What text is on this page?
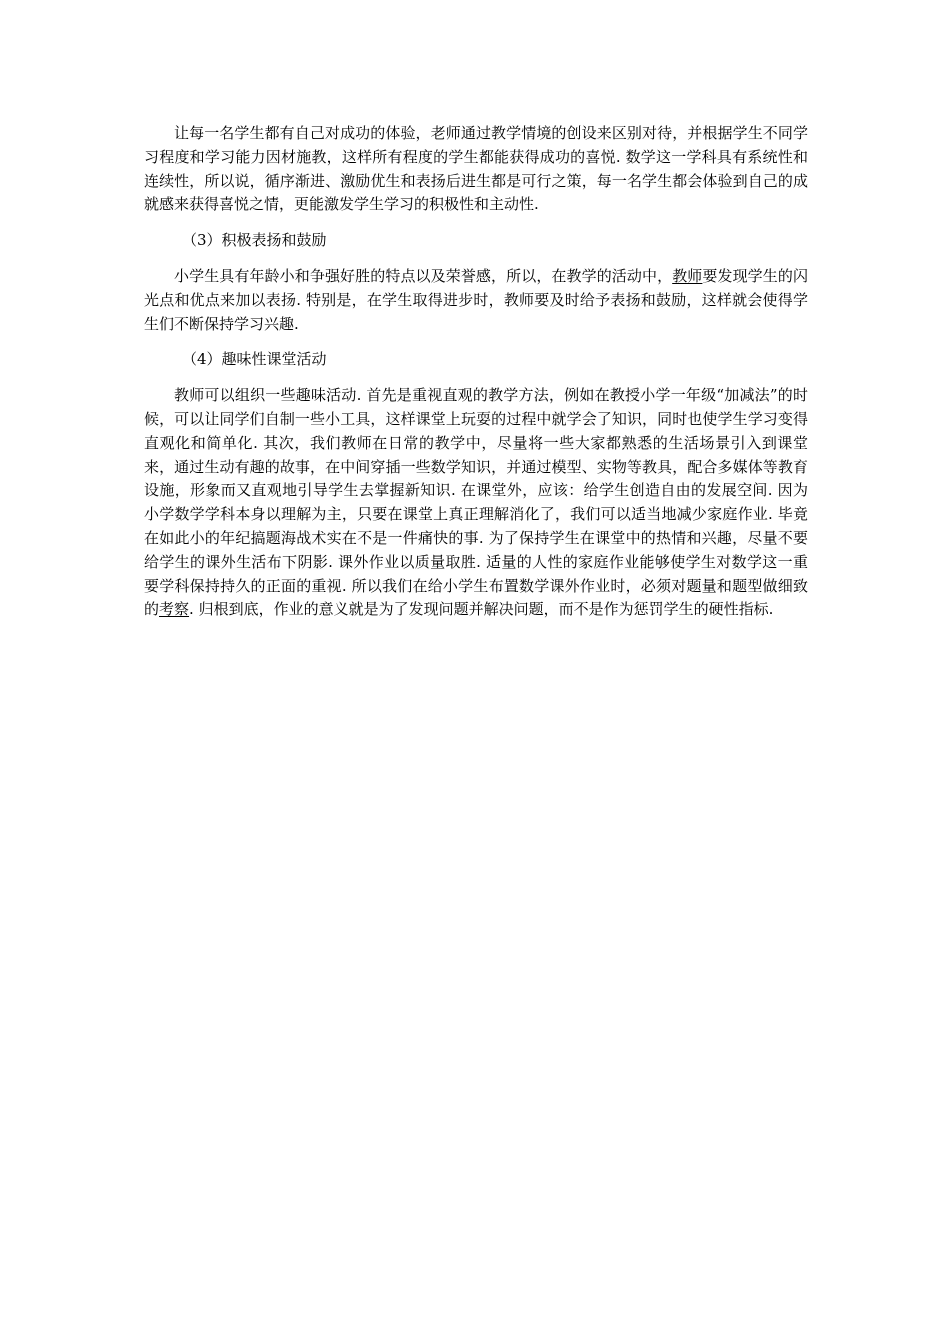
让每一名学生都有自己对成功的体验，老师通过教学情境的创设来区别对待，并根据学生不同学习程度和学习能力因材施教，这样所有程度的学生都能获得成功的喜悦. 数学这一学科具有系统性和连续性，所以说，循序渐进、激励优生和表扬后进生都是可行之策，每一名学生都会体验到自己的成就感来获得喜悦之情，更能激发学生学习的积极性和主动性.

（3）积极表扬和鼓励

小学生具有年龄小和争强好胜的特点以及荣誉感，所以，在教学的活动中，教师要发现学生的闪光点和优点来加以表扬. 特别是，在学生取得进步时，教师要及时给予表扬和鼓励，这样就会使得学生们不断保持学习兴趣.

（4）趣味性课堂活动

教师可以组织一些趣味活动. 首先是重视直观的教学方法，例如在教授小学一年级“加减法”的时候，可以让同学们自制一些小工具，这样课堂上玩耍的过程中就学会了知识，同时也使学生学习变得直观化和简单化. 其次，我们教师在日常的教学中，尽量将一些大家都熟悉的生活场景引入到课堂来，通过生动有趣的故事，在中间穿插一些数学知识，并通过模型、实物等教具，配合多媒体等教育设施，形象而又直观地引导学生去掌握新知识. 在课堂外，应该：给学生创造自由的发展空间. 因为小学数学学科本身以理解为主，只要在课堂上真正理解消化了，我们可以适当地减少家庭作业. 毕竟在如此小的年纪搞题海战术实在不是一件痛快的事. 为了保持学生在课堂中的热情和兴趣，尽量不要给学生的课外生活布下阴影. 课外作业以质量取胜. 适量的人性的家庭作业能够使学生对数学这一重要学科保持持久的正面的重视. 所以我们在给小学生布置数学课外作业时，必须对题量和题型做细致的考察. 归根到底，作业的意义就是为了发现问题并解决问题，而不是作为惩罚学生的硬性指标.
